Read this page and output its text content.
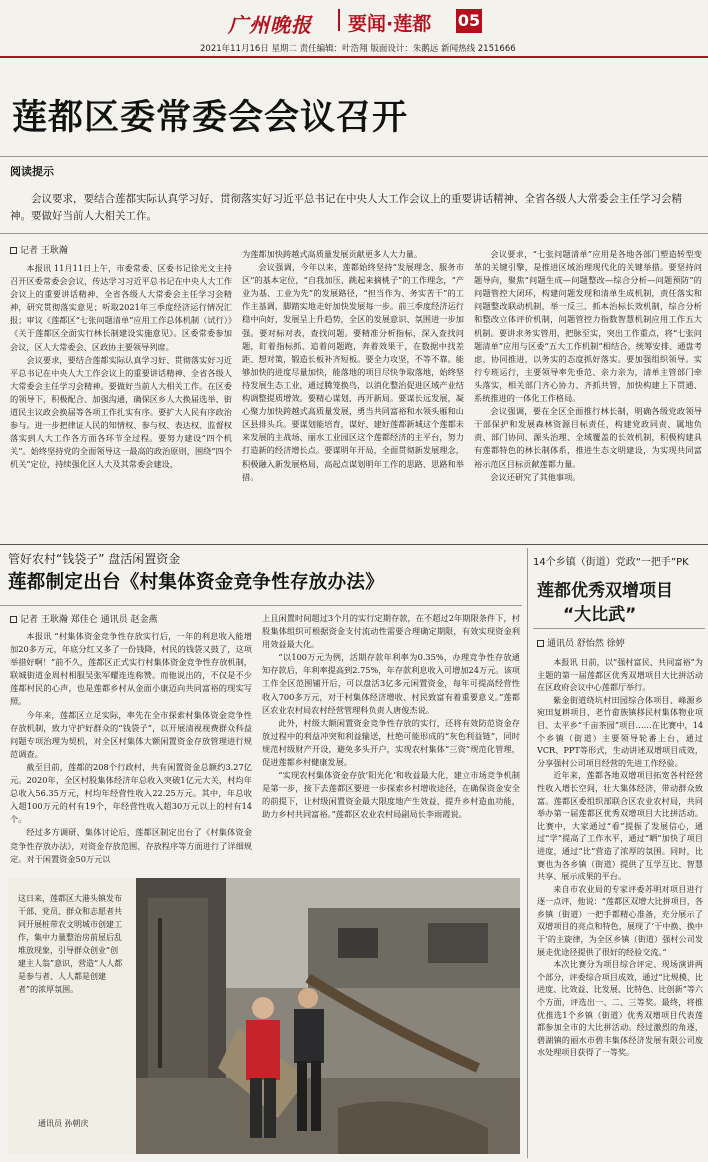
广州晚报 要闻·莲都 05
2021年11月16日 星期二 责任编辑：叶浩翔 版面设计：朱鹅远 新闻热线 2151666
莲都区委常委会会议召开
阅读提示
会议要求，要结合莲都实际认真学习好、贯彻落实好习近平总书记在中央人大工作会议上的重要讲话精神、全省各级人大常委会主任学习会精神。要做好当前人大相关工作。
记者 王耿瀚

本报讯 11月11日上午，市委常委、区委书记徐光文主持召开区委常委会会议，传达学习习近平总书记在中央人大工作会议上的重要讲话精神、全省各级人大常委会主任学习会精神，研究贯彻落实意见；听取2021年三季度经济运行情况汇报；审议《莲都区“七张问题清单”应用工作总体机制（试行）》《关于莲都区全面实行林长制建设实施意见》。区委常委参加会议，区人大常委会、区政协主要领导列席。

会议要求，要结合莲都实际认真学习好、贯彻落实好习近平总书记在中央人大工作会议上的重要讲话精神、全省各级人大常委会主任学习会精神。要做好当前人大相关工作。在区委的领导下，积极配合、加强沟通，确保区乡人大换届选举、街道民主议政会换届等各项工作扎实有序。要扩大人民有序政治参与。进一步把律证人民的知情权、参与权、表达权、监督权落实到人大工作各方面各环节全过程。要努力建设“四个机关”。始终坚持党的全面领导这一最高的政治原则，围绕“四个机关”定位，持续强化区人大及其常委会建设，

为莲都加快跨越式高质量发展贡献更多人大力量。

会议强调，今年以来，莲都始终坚持“发展理念、服务市区”的基本定位，“自我加压、跳起来摘桃子”的工作理念，“产业为基、工业为先”的发展路径，“担当作为、务实苦干”的工作主基调，脚踏实地走好加快发展每一步。前三季度经济运行稳中向好，发展呈上升趋势，全区的发展意识、氛围进一步加强。要对标对表，查找问题。要精准分析指标，深入查找问题，盯着指标抓、追着问题跑，奔着效果干，在数据中找差距、想对策，锻造长板补齐短板。要全力攻坚，不等不靠。能够加快的进度尽量加快，能落地的项目尽快争取落地，始终坚持发展生态工业，通过腾笼换鸟，以消化整治促进区域产业结构调整提质增效。要精心谋划，再开新局。要谋长远发展，凝心聚力加快跨越式高质量发展，勇当共同富裕和水领头雁和山区县排头兵。要谋划能培育，谋好、建好莲都新城这个莲都未来发展的主战场、丽水工业园区这个莲都经济的主平台，努力打造新的经济增长点。要谋明年开局，全面贯彻新发展理念，积极融入新发展格局，高起点谋划明年工作的思路、思路和举措。

会议要求，“七张问题清单”应用是各地各部门塑造转型变革的关键引擎，是推进区域治理现代化的关键举措。要坚持问题导向，聚焦“问题生成—问题整改—综合分析—问题预防”的问题管控大闭环，构建问题发现和清单生成机制，责任落实和问题整改联动机制，举一反三、抓本治标长效机制，综合分析和整改立体评价机制，问题管控力指数智慧机制应用工作五大机制。要讲求务实管用，把脉至实，突出工作重点，将“七张问题清单”应用与区委“五大工作机制”相结合，统筹安排、通盘考虑、协同推进，以务实的态度抓好落实。要加强组织领导。实行专班运行，主要领导率先垂范、亲力亲为，清单主管部门牵头落实，相关部门齐心协力、齐抓共管，加快构建上下贯通、系统推进的一体化工作格局。

会议强调，要在全区全面推行林长制，明确各级党政领导干部保护和发展森林资源目标责任，构建党政同责、属地负责、部门协同、源头治理、全域覆盖的长效机制，积极构建具有莲都特色的林长制体系，推进生态文明建设，为实现共同富裕示范区目标贡献莲都力量。

会议还研究了其他事项。

管好农村“钱袋子” 盘活闲置资金
莲都制定出台《村集体资金竞争性存放办法》
记者 王耿瀚 郑佳仑 通讯员 赵金燕

本报讯 “村集体资金竞争性存放实行后，一年的利息收入能增加20多万元，年底分红又多了一份钱降，村民的钱袋又鼓了，这项举措好啊！”前不久，莲都区正式实行村集体资金竞争性存放机制，联城街道金周村相服吴张军耀连连称赞。而他说出的，不仅是不少莲都村民的心声，也是莲都乡村从金面小康迈向共同富裕的现实写照。

今年来，莲都区立足实际，率先在全市探索村集体资金竞争性存放机制，致力守护好群众的“钱袋子”，以开展清视视费群众科益问题专项治理为契机，对全区村集体大额闲置资金存放管理进行规范调查。

截至目前，莲都的208个行政村，共有闲置资金总额约3.27亿元。2020年，全区村股集体经济年总收入突破1亿元大关，村均年总收入56.35万元，村均年经营性收入22.25万元。其中，年总收入超100万元的村有19个，年经营性收入超30万元以上的村有14个。

经过多方调研、集体讨论后，莲都区制定出台了《村集体资金竞争性存放办法》，对资金存放范围、存放程序等方面进行了详细规定。对于闲置资金50万元以

上且闲置时间超过3个月的实行定期存款，在不超过2年期限条件下，村股集体组织可根据资金支付流动性需要合理确定期限，有效实现资金利用效益最大化。

“以100万元为例，活期存款年利率为0.35%，办理竞争性存放通知存款后，年利率提高到2.75%，年存款利息收入可增加24万元。该项工作全区范围铺开后，可以盘活3亿多元闲置资金，每年可提高经营性收入700多万元，对于村集体经济增收、村民致富有着重要意义。”莲都区农业农村局农村经营管理科负责人唐俊杰说。

此外，村级大额闲置资金竞争性存放的实行，还将有效防范资金存放过程中的利益冲突和利益输送，杜绝可能形成的“灰色利益链”，同时规范村级财产开设，避免多头开户，实现农村集体“三资”规范化管理，促进莲都乡村健康发展。

“实现农村集体资金存放‘阳光化’和收益最大化，建立市场竞争机制是第一步，接下去莲都区要进一步探索乡村增收途径，在确保资金安全的前提下，让村级闲置资金最大限度地产生效益，提升乡村造血功能，助力乡村共同富裕。”莲都区农业农村局副局长李雨霞说。

这日来，莲都区大港头镇发布干部、党员、群众和志愿者共同开展桩带农文明城市创建工作，集中力量整治房前屋后乱堆放现象，引导群众创业“创建主人翁”意识，营造“人人都是参与者、人人都是创建者”的浓厚氛围。
通讯员 孙朝庆
14个乡镇（街道）党政“一把手”PK
莲都优秀双增项目
“大比武”
通讯员 舒怡然 徐婷

本报讯 日前，以“强村富民、共同富裕”为主题的第一届莲都区优秀双增项目大比拼活动在区政府会议中心莲都厅举行。

紫金街道绕坑村田园综合体项目、峰源乡宛田复耕项目、老竹畲族镇移民村集体物业项目、太平乡“千亩茶园”项目……在比赛中，14个乡镇（街道）主要领导轮番上台，通过VCR、PPT等形式，生动讲述双增项目成效，分享强村公司项目经营的先进工作经验。

近年来，莲都各地双增项目拓宽各村经营性收入增长空间，壮大集体经济，带动群众致富。莲都区委组织部联合区农业农村局，共同举办第一届莲都区优秀双增项目大比拼活动。比赛中，大家通过“看”提振了发展信心，通过“学”提高了工作水平，通过“晒”加快了项目进度，通过“比”营造了浓厚的氛围。同时，比赛也为各乡镇（街道）提供了互学互比、智慧共享、展示成果的平台。

来自市农业局的专家评委苏明对项目进行逐一点评，他说：“莲都区双增大比拼项目，各乡镇（街道）一把手都精心准备，充分展示了双增项目的亮点和特色，展现了‘干中换、换中干’的主旋律，为全区乡镇（街道）强村公司发展走优途径提供了很好的经验交流。”

本次比赛分为项目综合评定、现场演讲两个部分，评委综合项目成效，通过“比规模、比进度、比效益、比发展、比特色、比创新”等六个方面，评选出一、二、三等奖。最终，将推优推选1个乡镇（街道）优秀双增项目代表莲都参加全市的大比拼活动。经过激烈的角逐，碧湖镇的丽水市碧丰集体经济发展有限公司废水处理项目获得了一等奖。
